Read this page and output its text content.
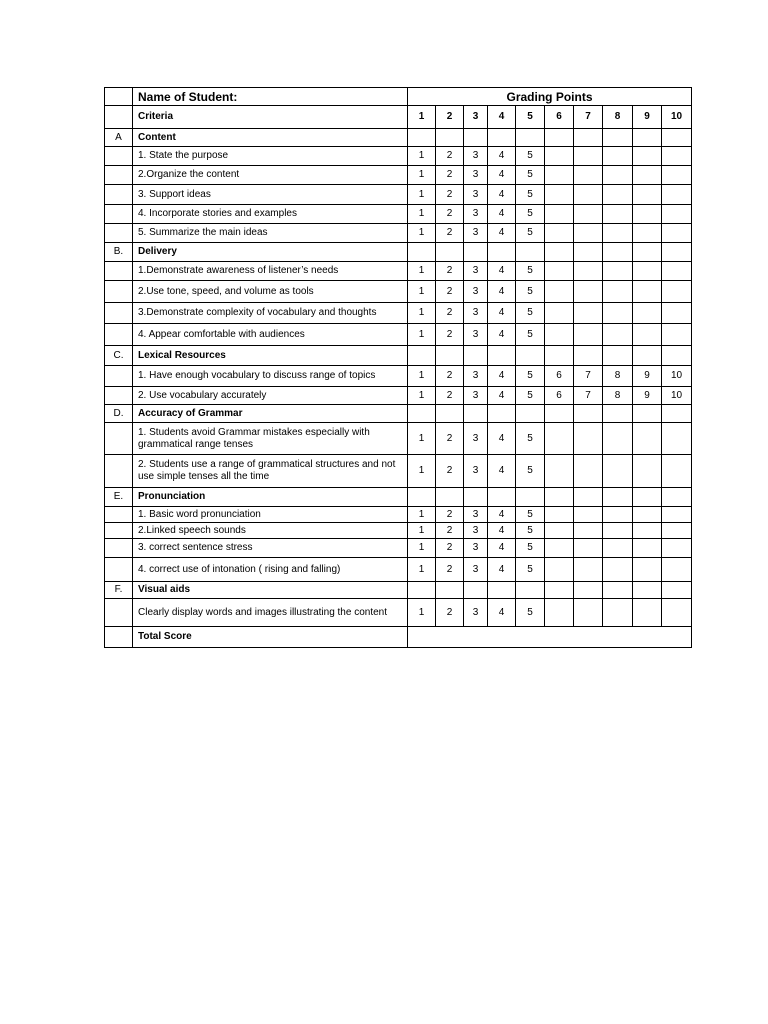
	Name of Student:	Grading Points									
	Criteria	1	2	3	4	5	6	7	8	9	10
A	Content										
	1. State the purpose	1	2	3	4	5					
	2.Organize the content	1	2	3	4	5					
	3. Support ideas	1	2	3	4	5					
	4. Incorporate stories and examples	1	2	3	4	5					
	5. Summarize the main ideas	1	2	3	4	5					
B.	Delivery										
	1.Demonstrate awareness of listener’s needs	1	2	3	4	5					
	2.Use tone, speed, and volume as tools	1	2	3	4	5					
	3.Demonstrate complexity of vocabulary and thoughts	1	2	3	4	5					
	4. Appear comfortable with audiences	1	2	3	4	5					
C.	Lexical Resources										
	1. Have enough vocabulary to discuss range of topics	1	2	3	4	5	6	7	8	9	10
	2. Use vocabulary accurately	1	2	3	4	5	6	7	8	9	10
D.	Accuracy of Grammar										
	1. Students avoid Grammar mistakes especially with grammatical range tenses	1	2	3	4	5					
	2. Students use a range of grammatical structures and not use simple tenses all the time	1	2	3	4	5					
E.	Pronunciation										
	1. Basic word pronunciation	1	2	3	4	5					
	2.Linked speech sounds	1	2	3	4	5					
	3. correct sentence stress	1	2	3	4	5					
	4. correct use of intonation ( rising and falling)	1	2	3	4	5					
F.	Visual aids										
	Clearly display words and images illustrating the content	1	2	3	4	5					
	Total Score										
